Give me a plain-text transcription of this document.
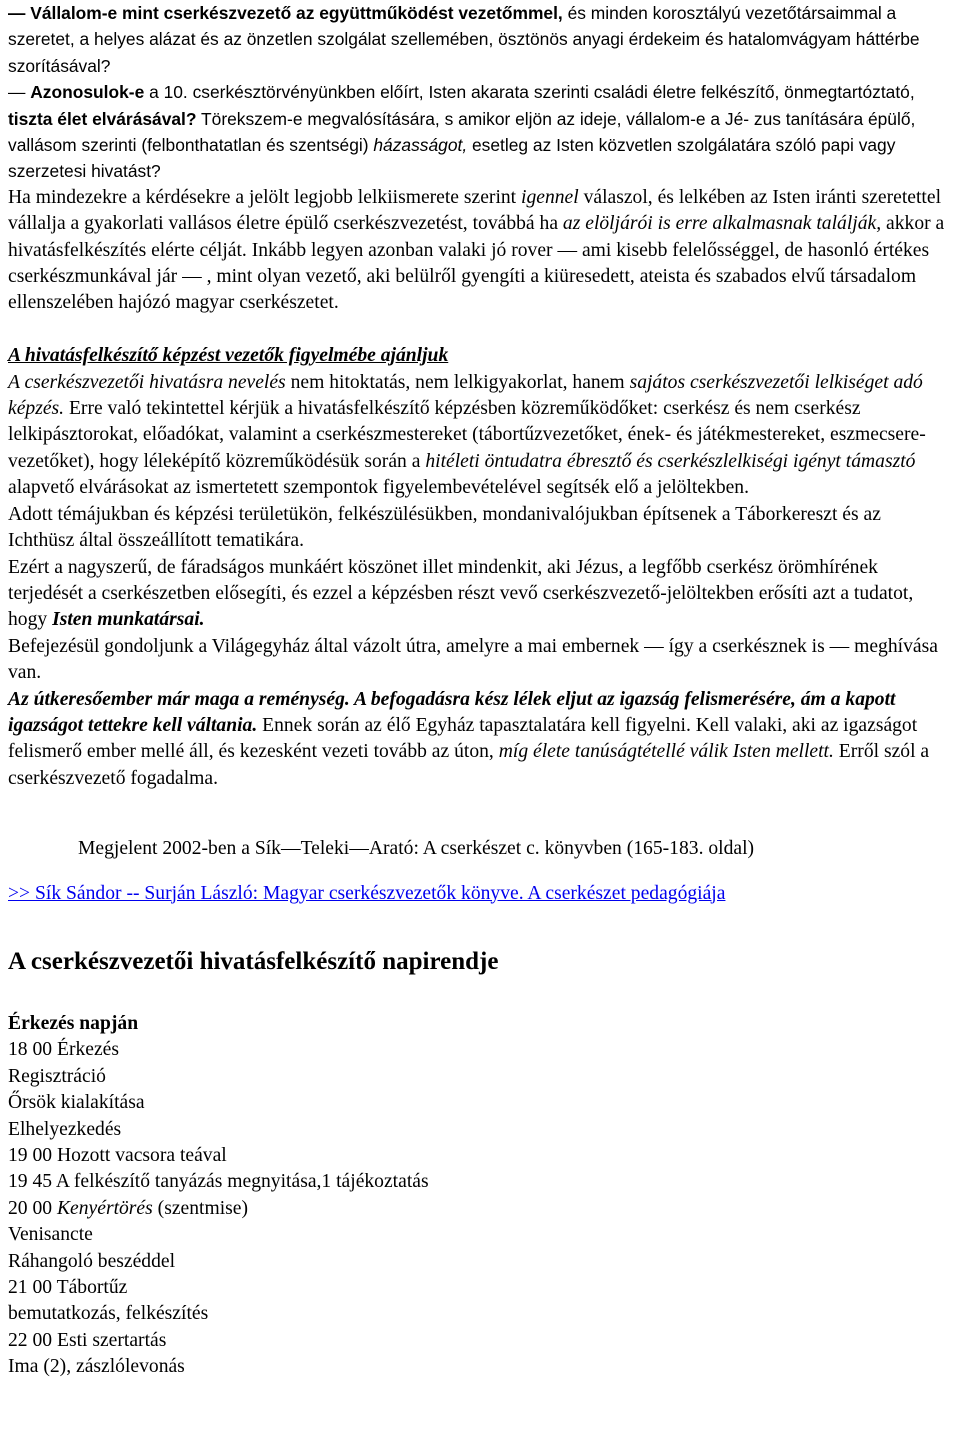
— Vállalom-e mint cserkészvezető az együttműködést vezetőmmel, és minden korosztályú vezetőtársaimmal a szeretet, a helyes alázat és az önzetlen szolgálat szellemében, ösztönös anyagi érdekeim és hatalomvágyam háttérbe szorításával?

— Azonosulok-e a 10. cserkésztörvényünkben előírt, Isten akarata szerinti családi életre felkészítő, önmegtartóztató, tiszta élet elvárásával? Törekszem-e megvalósítására, s amikor eljön az ideje, vállalom-e a Jé- zus tanítására épülő, vallásom szerinti (felbonthatatlan és szentségi) házasságot, esetleg az Isten közvetlen szolgálatára szóló papi vagy szerzetesi hivatást?

Ha mindezekre a kérdésekre a jelölt legjobb lelkiismerete szerint igennel válaszol, és lelkében az Isten iránti szeretettel vállalja a gyakorlati vallásos életre épülő cserkészvezetést, továbbá ha az elöljárói is erre alkalmasnak találják, akkor a hivatásfelkészítés elérte célját. Inkább legyen azonban valaki jó rover — ami kisebb felelősséggel, de hasonló értékes cserkészmunkával jár — , mint olyan vezető, aki belülről gyengíti a kiüresedett, ateista és szabados elvű társadalom ellenszelében hajózó magyar cserkészetet.

A hivatásfelkészítő képzést vezetők figyelmébe ajánljuk

A cserkészvezetői hivatásra nevelés nem hitoktatás, nem lelkigyakorlat, hanem sajátos cserkészvezetői lelkiséget adó képzés. Erre való tekintettel kérjük a hivatásfelkészítő képzésben közreműködőket: cserkész és nem cserkész lelkipásztorokat, előadókat, valamint a cserkészmestereket (tábortűzvezetőket, ének- és játékmestereket, eszmecsere-vezetőket), hogy léleképítő közreműködésük során a hitéleti öntudatra ébresztő és cserkészlelkiségi igényt támasztó alapvető elvárásokat az ismertetett szempontok figyelembevételével segítsék elő a jelöltekben.

Adott témájukban és képzési területükön, felkészülésükben, mondanivalójukban építsenek a Táborkereszt és az Ichthüsz által összeállított tematikára.

Ezért a nagyszerű, de fáradságos munkáért köszönet illet mindenkit, aki Jézus, a legfőbb cserkész örömhírének terjedését a cserkészetben elősegíti, és ezzel a képzésben részt vevő cserkészvezető-jelöltekben erősíti azt a tudatot, hogy Isten munkatársai.

Befejezésül gondoljunk a Világegyház által vázolt útra, amelyre a mai embernek — így a cserkésznek is — meghívása van.

Az útkeresőember már maga a reménység. A befogadásra kész lélek eljut az igazság felismerésére, ám a kapott igazságot tettekre kell váltania. Ennek során az élő Egyház tapasztalatára kell figyelni. Kell valaki, aki az igazságot felismerő ember mellé áll, és kezesként vezeti tovább az úton, míg élete tanúságtétellé válik Isten mellett. Erről szól a cserkészvezető fogadalma.

Megjelent 2002-ben a Sík—Teleki—Arató: A cserkészet c. könyvben (165-183. oldal)

>> Sík Sándor -- Surján László: Magyar cserkészvezetők könyve. A cserkészet pedagógiája

A cserkészvezetői hivatásfelkészítő napirendje

Érkezés napján

18 00 Érkezés

Regisztráció

Őrsök kialakítása

Elhelyezkedés

19 00 Hozott vacsora teával

19 45 A felkészítő tanyázás megnyitása,1 tájékoztatás

20 00 Kenyértörés (szentmise)

Venisancte

Ráhangoló beszéddel

21 00 Tábortűz

bemutatkozás, felkészítés

22 00 Esti szertartás

Ima (2), zászlólevonás
